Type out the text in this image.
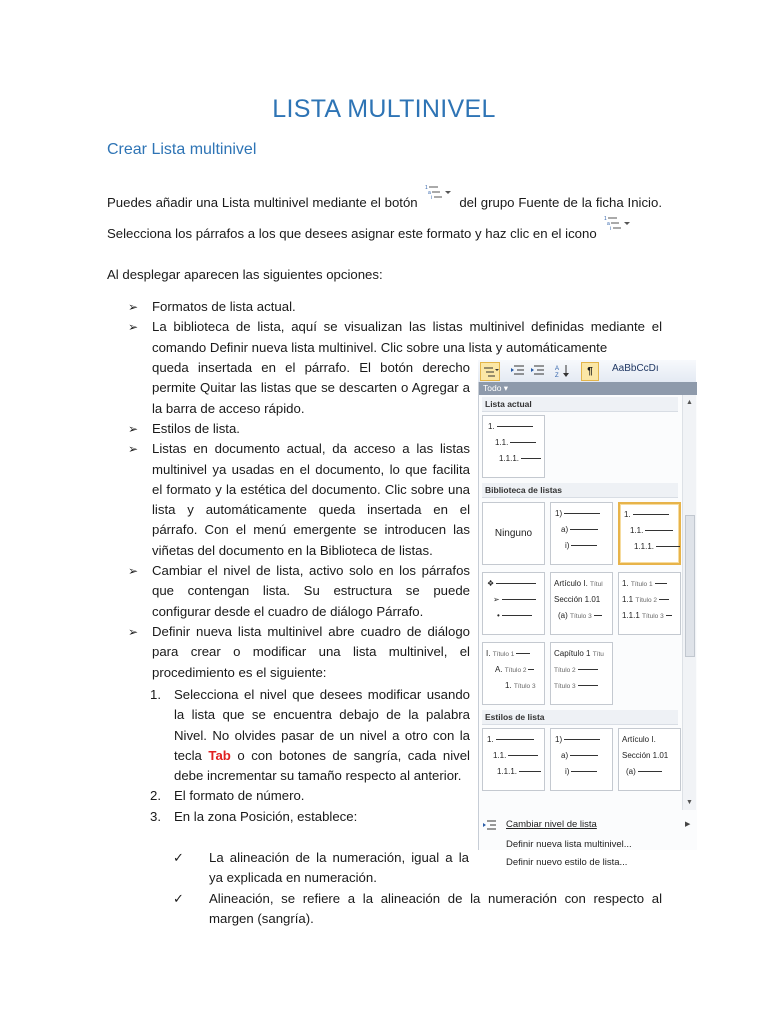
LISTA MULTINIVEL
Crear Lista multinivel
Puedes añadir una Lista multinivel mediante el botón
1
a
i del grupo Fuente de la ficha Inicio. Selecciona los párrafos a los que desees asignar este formato y haz clic en el icono
1
a
i
Al desplegar aparecen las siguientes opciones:
➢ Formatos de lista actual.
➢ La biblioteca de lista, aquí se visualizan las listas multinivel definidas mediante el comando Definir nueva lista multinivel. Clic sobre una lista y automáticamente
queda insertada en el párrafo. El botón derecho permite Quitar las listas que se descarten o Agregar a la barra de acceso rápido.
➢ Estilos de lista.
➢ Listas en documento actual, da acceso a las listas multinivel ya usadas en el documento, lo que facilita el formato y la estética del documento. Clic sobre una lista y automáticamente queda insertada en el párrafo. Con el menú emergente se introducen las viñetas del documento en la Biblioteca de listas.
➢ Cambiar el nivel de lista, activo solo en los párrafos que contengan lista. Su estructura se puede configurar desde el cuadro de diálogo Párrafo.
➢ Definir nueva lista multinivel abre cuadro de diálogo para crear o modificar una lista multinivel, el procedimiento es el siguiente:
1. Selecciona el nivel que desees modificar usando la lista que se encuentra debajo de la palabra Nivel. No olvides pasar de un nivel a otro con la tecla Tab o con botones de sangría, cada nivel debe incrementar su tamaño respecto al anterior.
2. El formato de número.
3. En la zona Posición, establece:
✓ La alineación de la numeración, igual a la ya explicada en numeración.
✓ Alineación, se refiere a la alineación de la numeración con respecto al margen (sangría).
A
Z	¶	AaBbCcDı
Todo ▾
▲
▼
Lista actual
1.
1.1.
1.1.1.
Biblioteca de listas
Ninguno
1)
a)
i)
1.
1.1.
1.1.1.
❖
➢
•
Artículo I. Títul
Sección 1.01
(a) Título 3
1. Título 1
1.1 Título 2
1.1.1 Título 3
I. Título 1
A. Título 2
1. Título 3
Capítulo 1 Títu
Título 2
Título 3
Estilos de lista
1.
1.1.
1.1.1.
1)
a)
i)
Artículo I.
Sección 1.01
(a)
Cambiar nivel de lista	▶
Definir nueva lista multinivel...
Definir nuevo estilo de lista...
